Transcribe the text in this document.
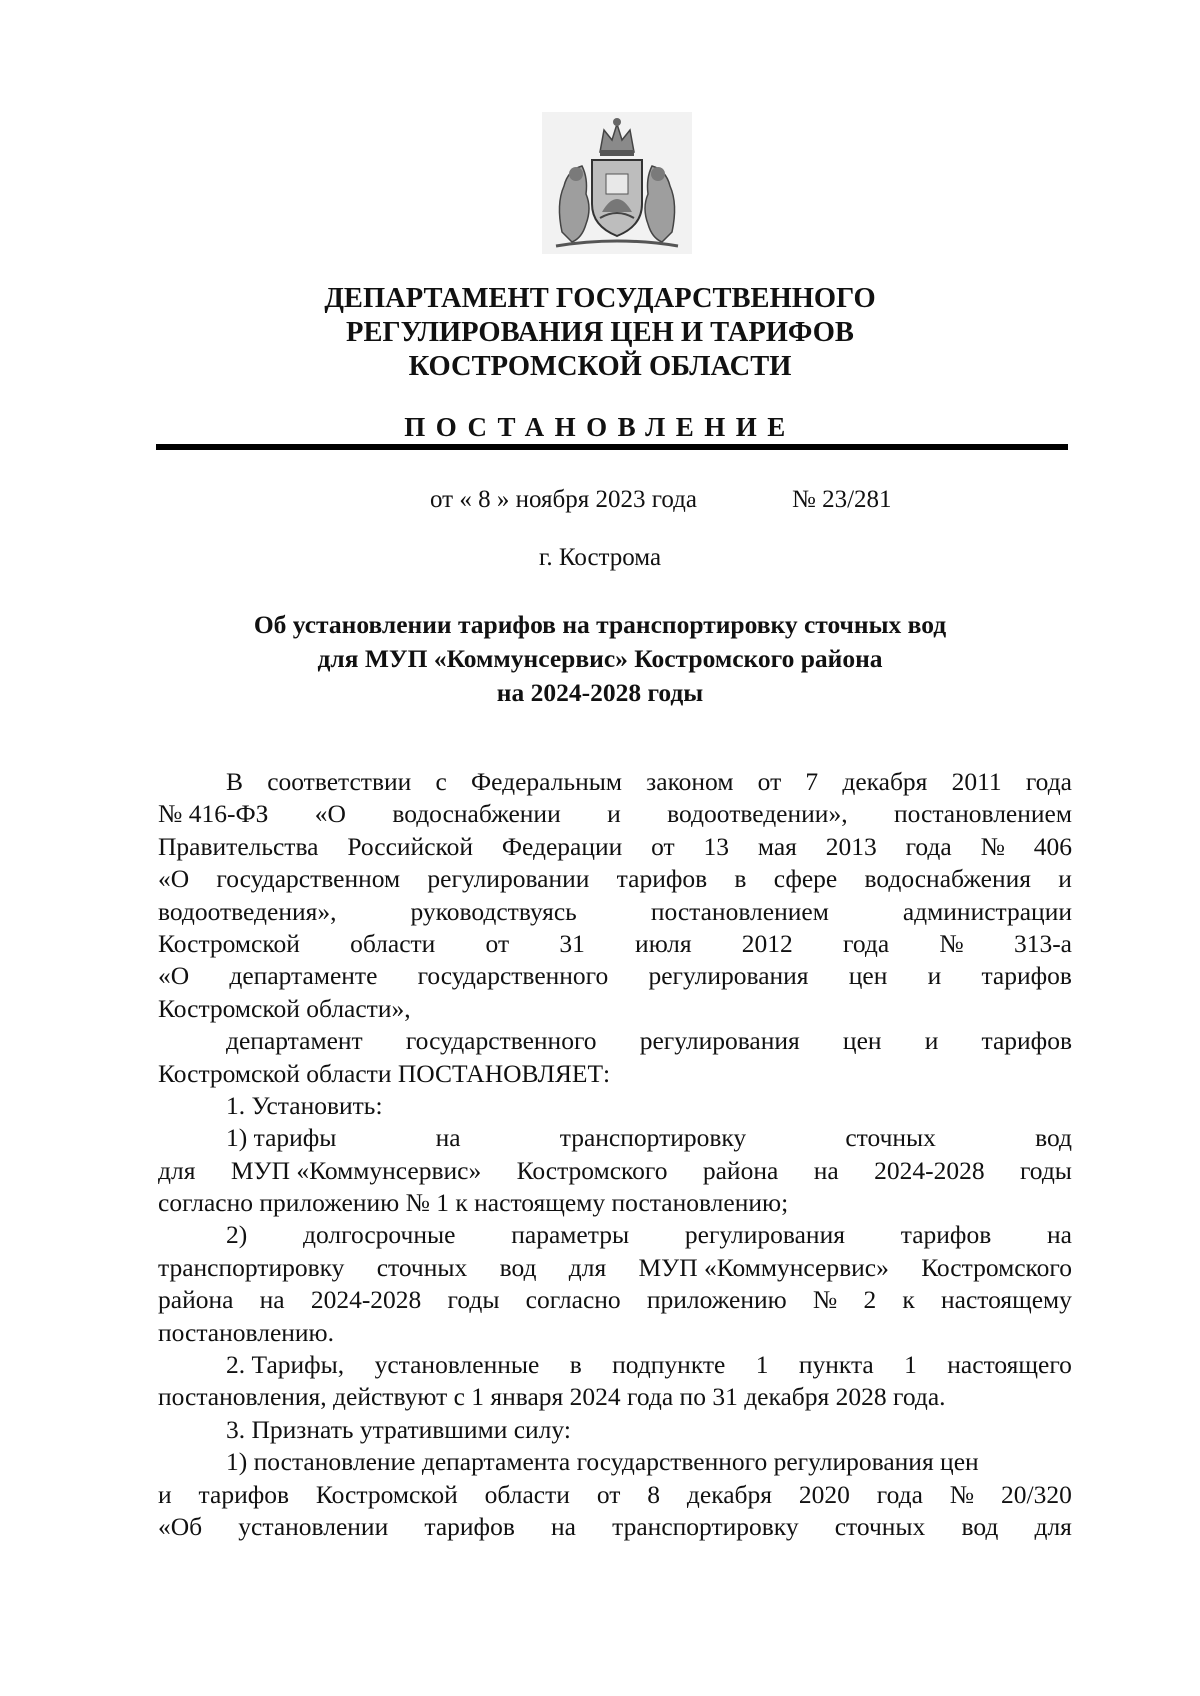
ДЕПАРТАМЕНТ ГОСУДАРСТВЕННОГО
РЕГУЛИРОВАНИЯ ЦЕН И ТАРИФОВ
КОСТРОМСКОЙ ОБЛАСТИ
ПОСТАНОВЛЕНИЕ
от « 8 » ноября 2023 года	№ 23/281
г. Кострома
Об установлении тарифов на транспортировку сточных вод
для МУП «Коммунсервис» Костромского района
на 2024-2028 годы
В соответствии с Федеральным законом от 7 декабря 2011 года
№ 416-ФЗ «О водоснабжении и водоотведении», постановлением
Правительства Российской Федерации от 13 мая 2013 года № 406
«О государственном регулировании тарифов в сфере водоснабжения и
водоотведения»,	руководствуясь	постановлением	администрации
Костромской области от 31 июля 2012 года № 313-а
«О департаменте государственного регулирования цен и тарифов
Костромской области»,
департамент государственного регулирования цен и тарифов
Костромской области ПОСТАНОВЛЯЕТ:
1. Установить:
1) тарифы	на	транспортировку	сточных	вод
для МУП «Коммунсервис» Костромского района на 2024-2028 годы
согласно приложению № 1 к настоящему постановлению;
2) долгосрочные параметры регулирования тарифов на
транспортировку сточных вод для МУП «Коммунсервис» Костромского
района на 2024-2028 годы согласно приложению № 2 к настоящему
постановлению.
2. Тарифы, установленные в подпункте 1 пункта 1 настоящего
постановления, действуют с 1 января 2024 года по 31 декабря 2028 года.
3. Признать утратившими силу:
1) постановление департамента государственного регулирования цен
и тарифов Костромской области от 8 декабря 2020 года № 20/320
«Об установлении тарифов на транспортировку сточных вод для
